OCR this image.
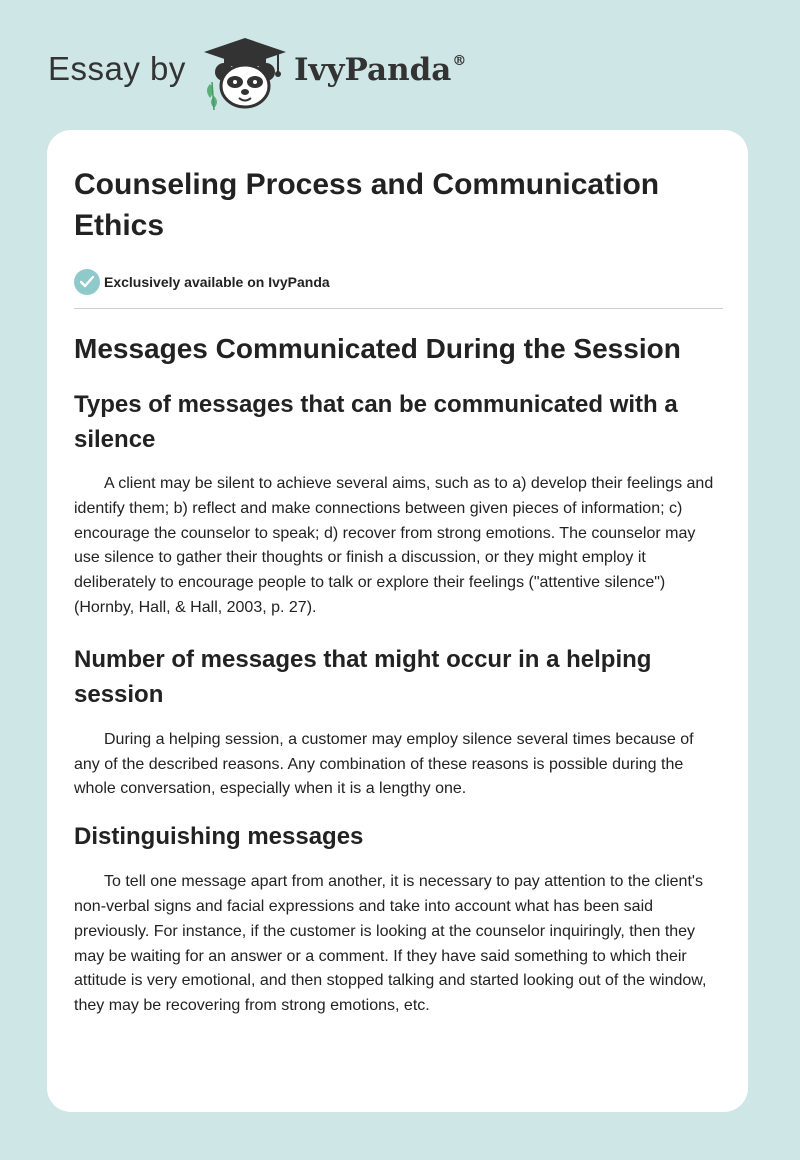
Essay by	IvyPanda®
Counseling Process and Communication Ethics
Exclusively available on IvyPanda
Messages Communicated During the Session
Types of messages that can be communicated with a silence

A client may be silent to achieve several aims, such as to a) develop their feelings and identify them; b) reflect and make connections between given pieces of information; c) encourage the counselor to speak; d) recover from strong emotions. The counselor may use silence to gather their thoughts or finish a discussion, or they might employ it deliberately to encourage people to talk or explore their feelings ("attentive silence") (Hornby, Hall, & Hall, 2003, p. 27).

Number of messages that might occur in a helping session

During a helping session, a customer may employ silence several times because of any of the described reasons. Any combination of these reasons is possible during the whole conversation, especially when it is a lengthy one.

Distinguishing messages

To tell one message apart from another, it is necessary to pay attention to the client's non-verbal signs and facial expressions and take into account what has been said previously. For instance, if the customer is looking at the counselor inquiringly, then they may be waiting for an answer or a comment. If they have said something to which their attitude is very emotional, and then stopped talking and started looking out of the window, they may be recovering from strong emotions, etc.
